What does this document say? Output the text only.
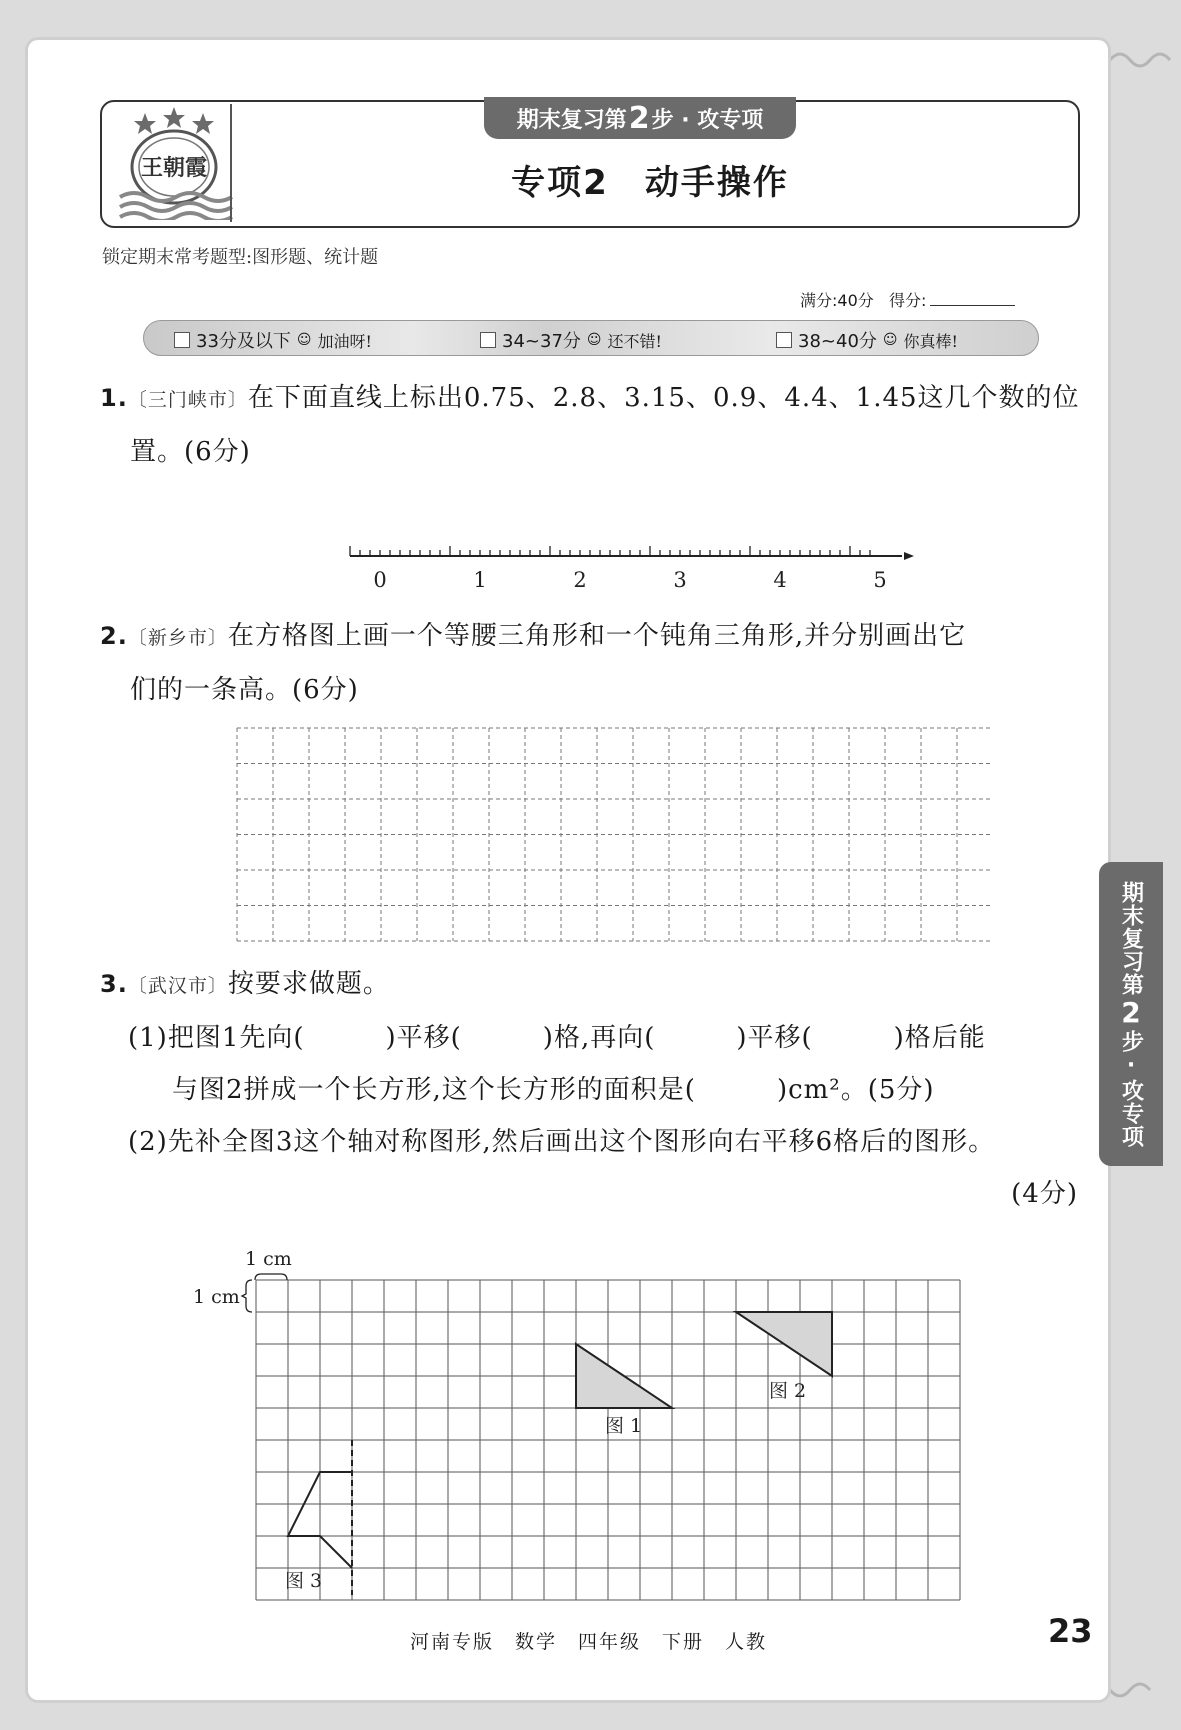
王朝霞
期末复习第 2 步 · 攻专项
专项2　动手操作
锁定期末常考题型:图形题、统计题
满分:40分 得分:
33分及以下 ☺ 加油呀!	34~37分 ☺ 还不错!	38~40分 ☺ 你真棒!
1.〔三门峡市〕在下面直线上标出0.75、2.8、3.15、0.9、4.4、1.45这几个数的位
置。(6分)
0	1	2	3	4	5
2.〔新乡市〕在方格图上画一个等腰三角形和一个钝角三角形,并分别画出它
们的一条高。(6分)
3.〔武汉市〕按要求做题。
(1)把图1先向(　　　)平移(　　　)格,再向(　　　)平移(　　　)格后能
与图2拼成一个长方形,这个长方形的面积是(　　　)cm²。(5分)
(2)先补全图3这个轴对称图形,然后画出这个图形向右平移6格后的图形。
(4分)
1 cm
1 cm
图 1
图 2
图 3
期末复习第
2
步·攻专项
河南专版　数学　四年级　下册　人教	23
